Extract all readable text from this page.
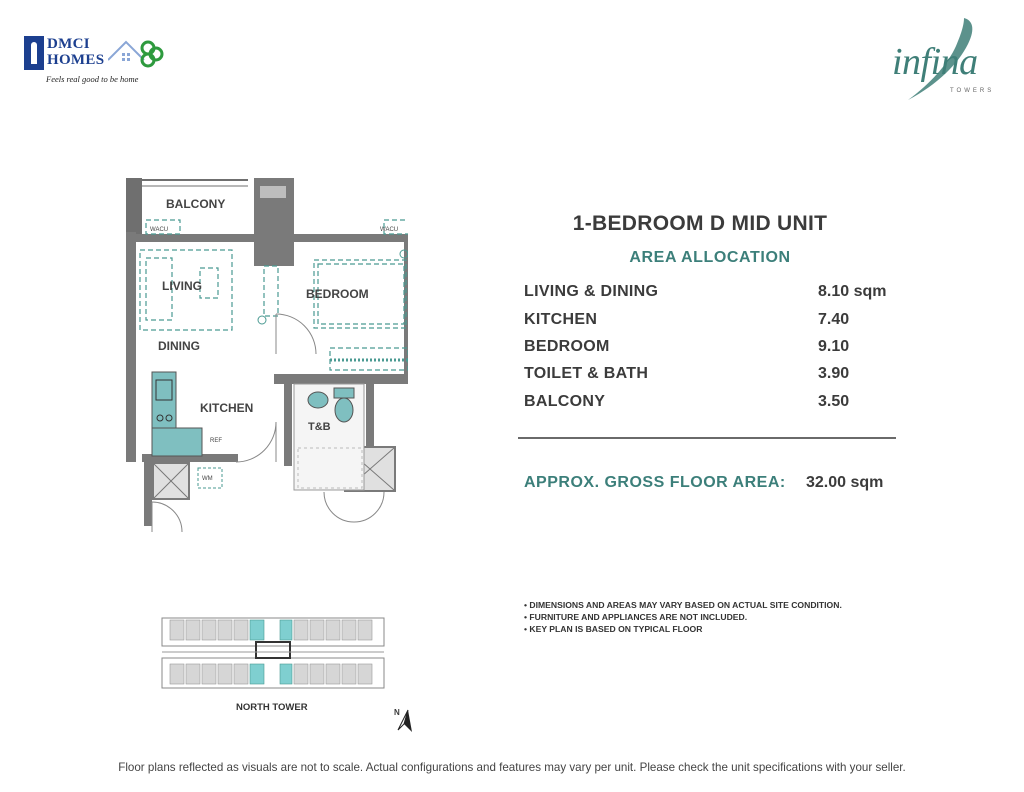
DMCI
HOMES
Feels real good to be home	infina
TOWERS
BALCONY
LIVING
DINING
BEDROOM
KITCHEN
T&B
WACU	WACU
REF
WM
NORTH TOWER	N
1-BEDROOM D MID UNIT
AREA ALLOCATION
LIVING & DINING	8.10 sqm
KITCHEN	7.40
BEDROOM	9.10
TOILET & BATH	3.90
BALCONY	3.50
APPROX. GROSS FLOOR AREA: 32.00 sqm
• DIMENSIONS AND AREAS MAY VARY BASED ON ACTUAL SITE CONDITION.
• FURNITURE AND APPLIANCES ARE NOT INCLUDED.
• KEY PLAN IS BASED ON TYPICAL FLOOR
Floor plans reflected as visuals are not to scale. Actual configurations and features may vary per unit. Please check the unit specifications with your seller.
